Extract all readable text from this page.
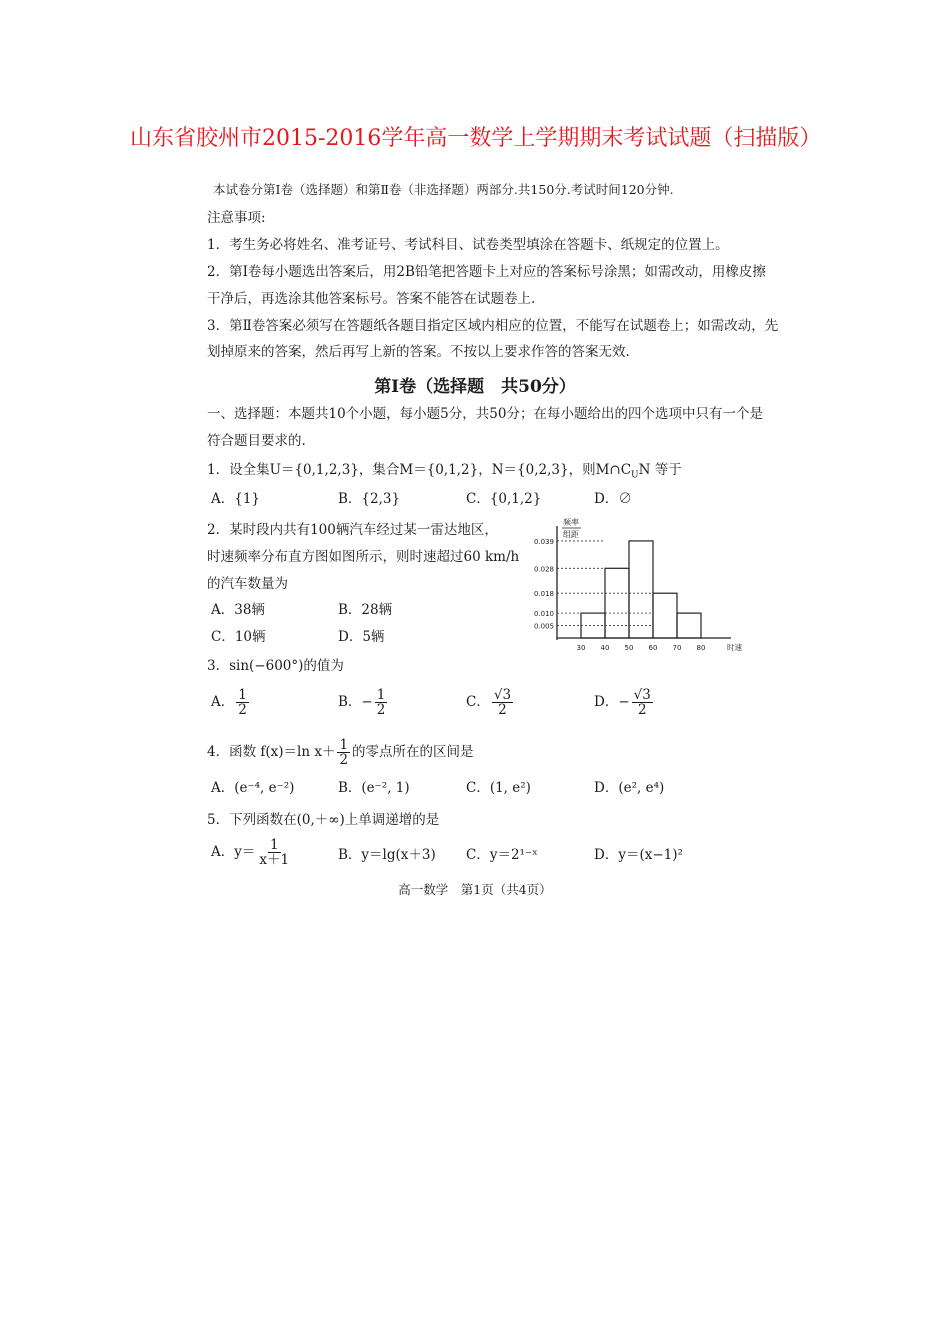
山东省胶州市2015-2016学年高一数学上学期期末考试试题（扫描版）
本试卷分第Ⅰ卷（选择题）和第Ⅱ卷（非选择题）两部分.共150分.考试时间120分钟.
注意事项:
1．考生务必将姓名、准考证号、考试科目、试卷类型填涂在答题卡、纸规定的位置上。
2．第Ⅰ卷每小题选出答案后，用2B铅笔把答题卡上对应的答案标号涂黑；如需改动，用橡皮擦
干净后，再选涂其他答案标号。答案不能答在试题卷上.
3．第Ⅱ卷答案必须写在答题纸各题目指定区域内相应的位置，不能写在试题卷上；如需改动，先
划掉原来的答案，然后再写上新的答案。不按以上要求作答的答案无效.
第Ⅰ卷（选择题　共50分）
一、选择题：本题共10个小题，每小题5分，共50分；在每小题给出的四个选项中只有一个是
符合题目要求的.
1．设全集U＝{0,1,2,3}，集合M＝{0,1,2}，N＝{0,2,3}，则$M\cap C_UN$ 等于
A．{1}	B．{2,3}	C．{0,1,2}	D．∅
2．某时段内共有100辆汽车经过某一雷达地区，
时速频率分布直方图如图所示，则时速超过60 km/h
的汽车数量为
A．38辆	B．28辆
C．10辆	D．5辆
频率
组距
0.039
0.028
0.018
0.010
0.005
30 40 50 60 70 80	时速
3．sin(−600°)的值为
A． $\frac{1}{2}$	B．− $\frac{1}{2}$	C． $\frac{√3}{2}$	D．− $\frac{√3}{2}$
4．函数 f(x)＝ln $x+ \frac{1}{2}$ 的零点所在的区间是
A．(e⁻⁴, e⁻²)	B．(e⁻², 1)	C．(1, e²)	D．(e², e⁴)
5．下列函数在(0,＋∞)上单调递增的是
A．$y= \frac{1}{x+1}$	B．y＝lg(x＋3) C．y＝2¹⁻ˣ	D．y＝(x−1)²
高一数学　第1页（共4页）
